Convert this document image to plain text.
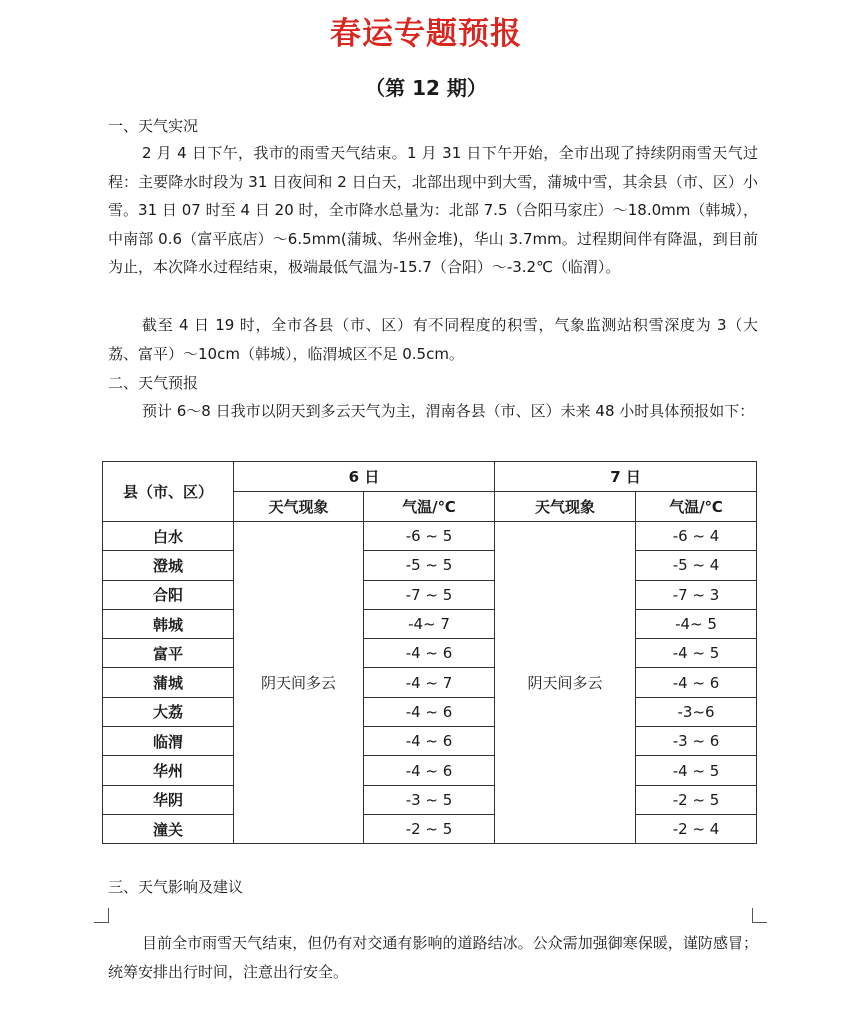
春运专题预报
（第 12 期）
一、天气实况
2 月 4 日下午，我市的雨雪天气结束。1 月 31 日下午开始，全市出现了持续阴雨雪天气过程：主要降水时段为 31 日夜间和 2 日白天，北部出现中到大雪，蒲城中雪，其余县（市、区）小雪。31 日 07 时至 4 日 20 时，全市降水总量为：北部 7.5（合阳马家庄）～18.0mm（韩城），中南部 0.6（富平底店）～6.5mm(蒲城、华州金堆)，华山 3.7mm。过程期间伴有降温，到目前为止，本次降水过程结束，极端最低气温为-15.7（合阳）～-3.2℃（临渭）。
截至 4 日 19 时，全市各县（市、区）有不同程度的积雪，气象监测站积雪深度为 3（大荔、富平）～10cm（韩城），临渭城区不足 0.5cm。
二、天气预报
预计 6～8 日我市以阴天到多云天气为主，渭南各县（市、区）未来 48 小时具体预报如下：
县（市、区）	6 日		7 日	
	天气现象	气温/℃	天气现象	气温/℃
白水	阴天间多云	-6 ~ 5	阴天间多云	-6 ~ 4
澄城		-5 ~ 5		-5 ~ 4
合阳		-7 ~ 5		-7 ~ 3
韩城		-4~ 7		-4~ 5
富平		-4 ~ 6		-4 ~ 5
蒲城		-4 ~ 7		-4 ~ 6
大荔		-4 ~ 6		-3~6
临渭		-4 ~ 6		-3 ~ 6
华州		-4 ~ 6		-4 ~ 5
华阴		-3 ~ 5		-2 ~ 5
潼关		-2 ~ 5		-2 ~ 4
三、天气影响及建议
目前全市雨雪天气结束，但仍有对交通有影响的道路结冰。公众需加强御寒保暖，谨防感冒；统筹安排出行时间，注意出行安全。
